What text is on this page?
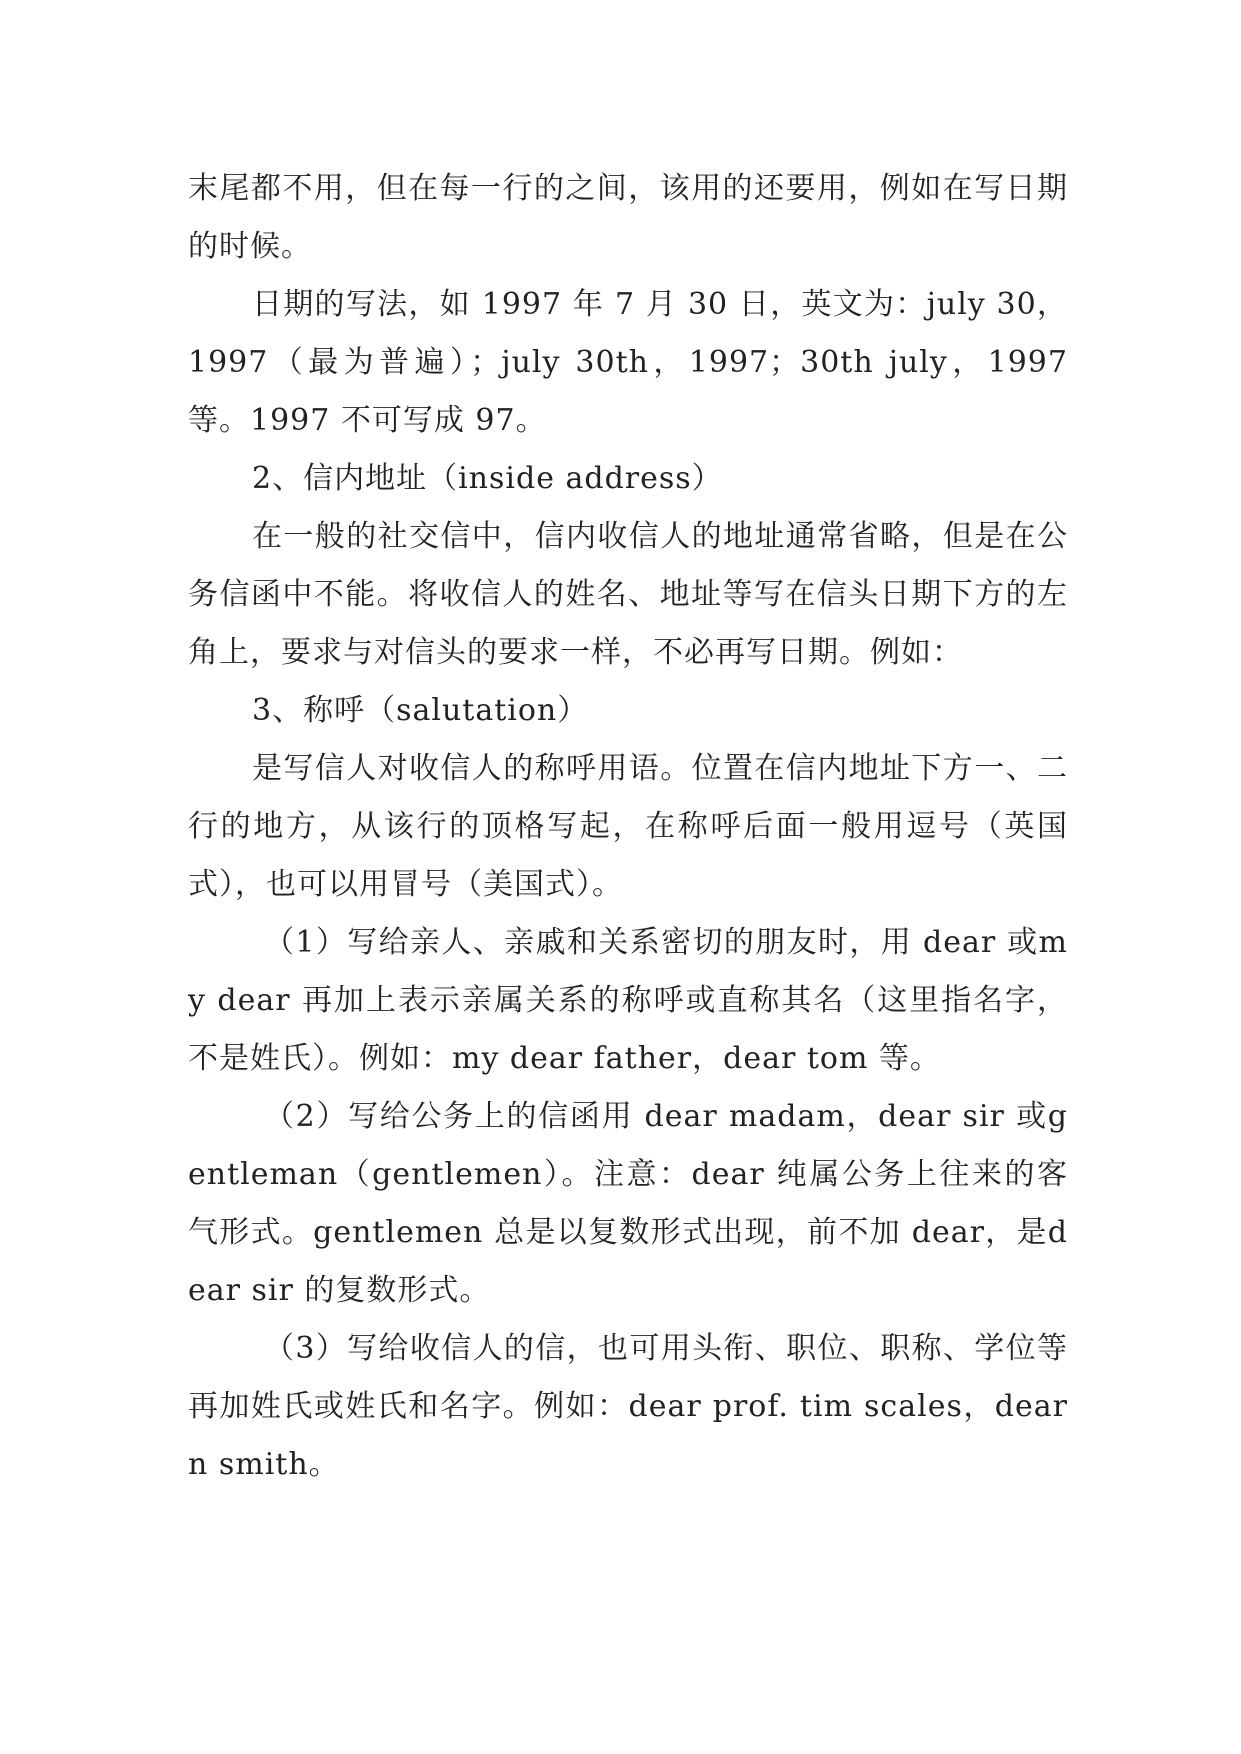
末尾都不用，但在每一行的之间，该用的还要用，例如在写日期的时候。

日期的写法，如 1997 年 7 月 30 日，英文为：july 30，1997（最为普遍）；july 30th，1997；30th july，1997 等。1997 不可写成 97。

2、信内地址（inside address）

在一般的社交信中，信内收信人的地址通常省略，但是在公务信函中不能。将收信人的姓名、地址等写在信头日期下方的左角上，要求与对信头的要求一样，不必再写日期。例如：

3、称呼（salutation）

是写信人对收信人的称呼用语。位置在信内地址下方一、二行的地方，从该行的顶格写起，在称呼后面一般用逗号（英国式），也可以用冒号（美国式）。

（1）写给亲人、亲戚和关系密切的朋友时，用 dear 或my dear 再加上表示亲属关系的称呼或直称其名（这里指名字，不是姓氏）。例如：my dear father，dear tom 等。

（2）写给公务上的信函用 dear madam，dear sir 或gentleman（gentlemen）。注意：dear 纯属公务上往来的客气形式。gentlemen 总是以复数形式出现，前不加 dear，是dear sir 的复数形式。

（3）写给收信人的信，也可用头衔、职位、职称、学位等再加姓氏或姓氏和名字。例如：dear prof. tim scales，dear n smith。
